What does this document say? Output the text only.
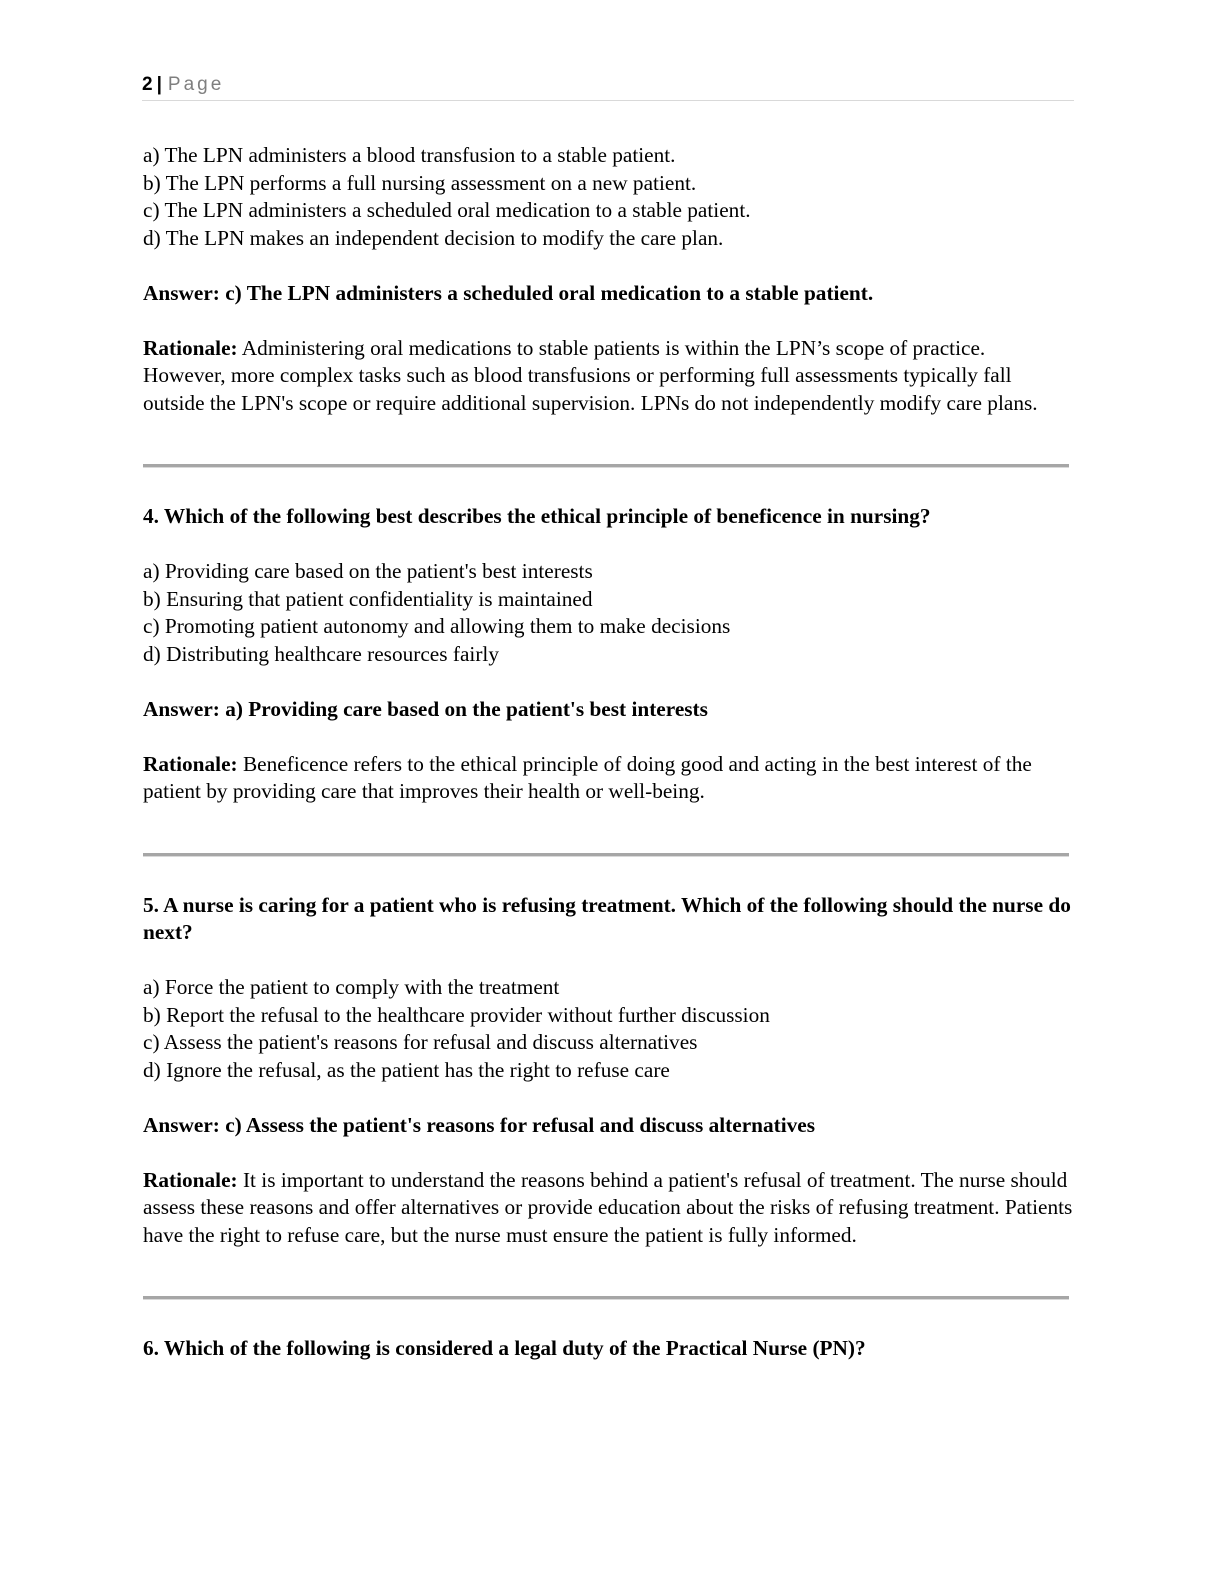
2 | Page
a) The LPN administers a blood transfusion to a stable patient.
b) The LPN performs a full nursing assessment on a new patient.
c) The LPN administers a scheduled oral medication to a stable patient.
d) The LPN makes an independent decision to modify the care plan.

Answer: c) The LPN administers a scheduled oral medication to a stable patient.

Rationale: Administering oral medications to stable patients is within the LPN’s scope of practice. However, more complex tasks such as blood transfusions or performing full assessments typically fall outside the LPN's scope or require additional supervision. LPNs do not independently modify care plans.

4. Which of the following best describes the ethical principle of beneficence in nursing?

a) Providing care based on the patient's best interests
b) Ensuring that patient confidentiality is maintained
c) Promoting patient autonomy and allowing them to make decisions
d) Distributing healthcare resources fairly

Answer: a) Providing care based on the patient's best interests

Rationale: Beneficence refers to the ethical principle of doing good and acting in the best interest of the patient by providing care that improves their health or well-being.

5. A nurse is caring for a patient who is refusing treatment. Which of the following should the nurse do next?

a) Force the patient to comply with the treatment
b) Report the refusal to the healthcare provider without further discussion
c) Assess the patient's reasons for refusal and discuss alternatives
d) Ignore the refusal, as the patient has the right to refuse care

Answer: c) Assess the patient's reasons for refusal and discuss alternatives

Rationale: It is important to understand the reasons behind a patient's refusal of treatment. The nurse should assess these reasons and offer alternatives or provide education about the risks of refusing treatment. Patients have the right to refuse care, but the nurse must ensure the patient is fully informed.

6. Which of the following is considered a legal duty of the Practical Nurse (PN)?
